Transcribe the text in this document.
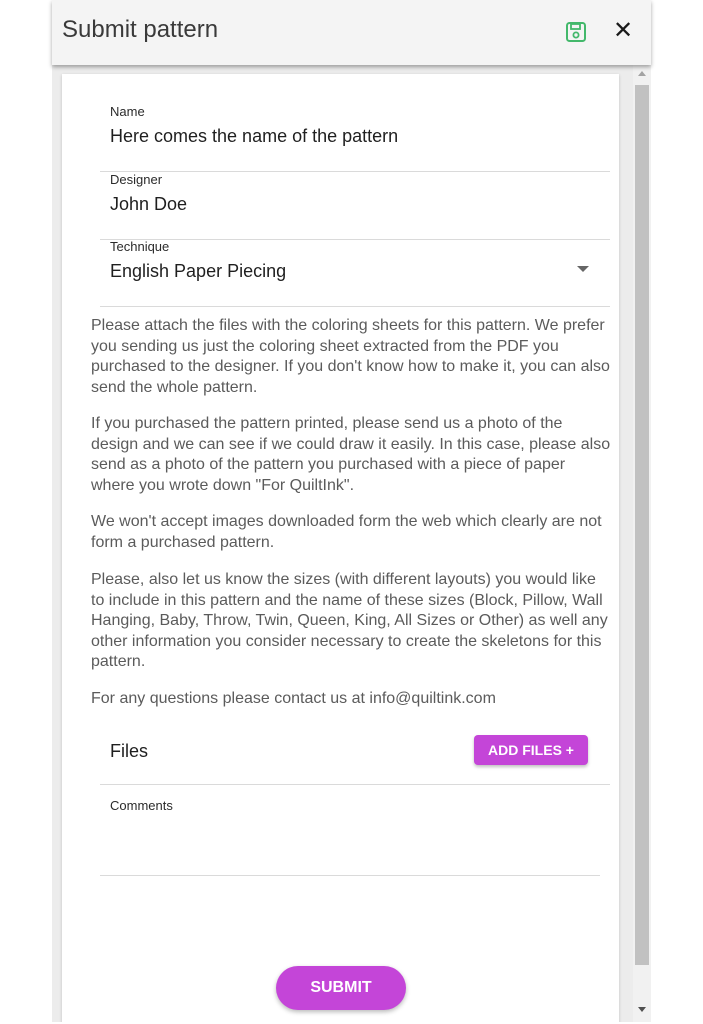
Submit pattern	✕
Name
Here comes the name of the pattern
Designer
John Doe
Technique
English Paper Piecing

Please attach the files with the coloring sheets for this pattern. We prefer you sending us just the coloring sheet extracted from the PDF you purchased to the designer. If you don't know how to make it, you can also send the whole pattern.

If you purchased the pattern printed, please send us a photo of the design and we can see if we could draw it easily. In this case, please also send as a photo of the pattern you purchased with a piece of paper where you wrote down "For QuiltInk".

We won't accept images downloaded form the web which clearly are not form a purchased pattern.

Please, also let us know the sizes (with different layouts) you would like to include in this pattern and the name of these sizes (Block, Pillow, Wall Hanging, Baby, Throw, Twin, Queen, King, All Sizes or Other) as well any other information you consider necessary to create the skeletons for this pattern.

For any questions please contact us at info@quiltink.com

Files	ADD FILES +
Comments
SUBMIT
